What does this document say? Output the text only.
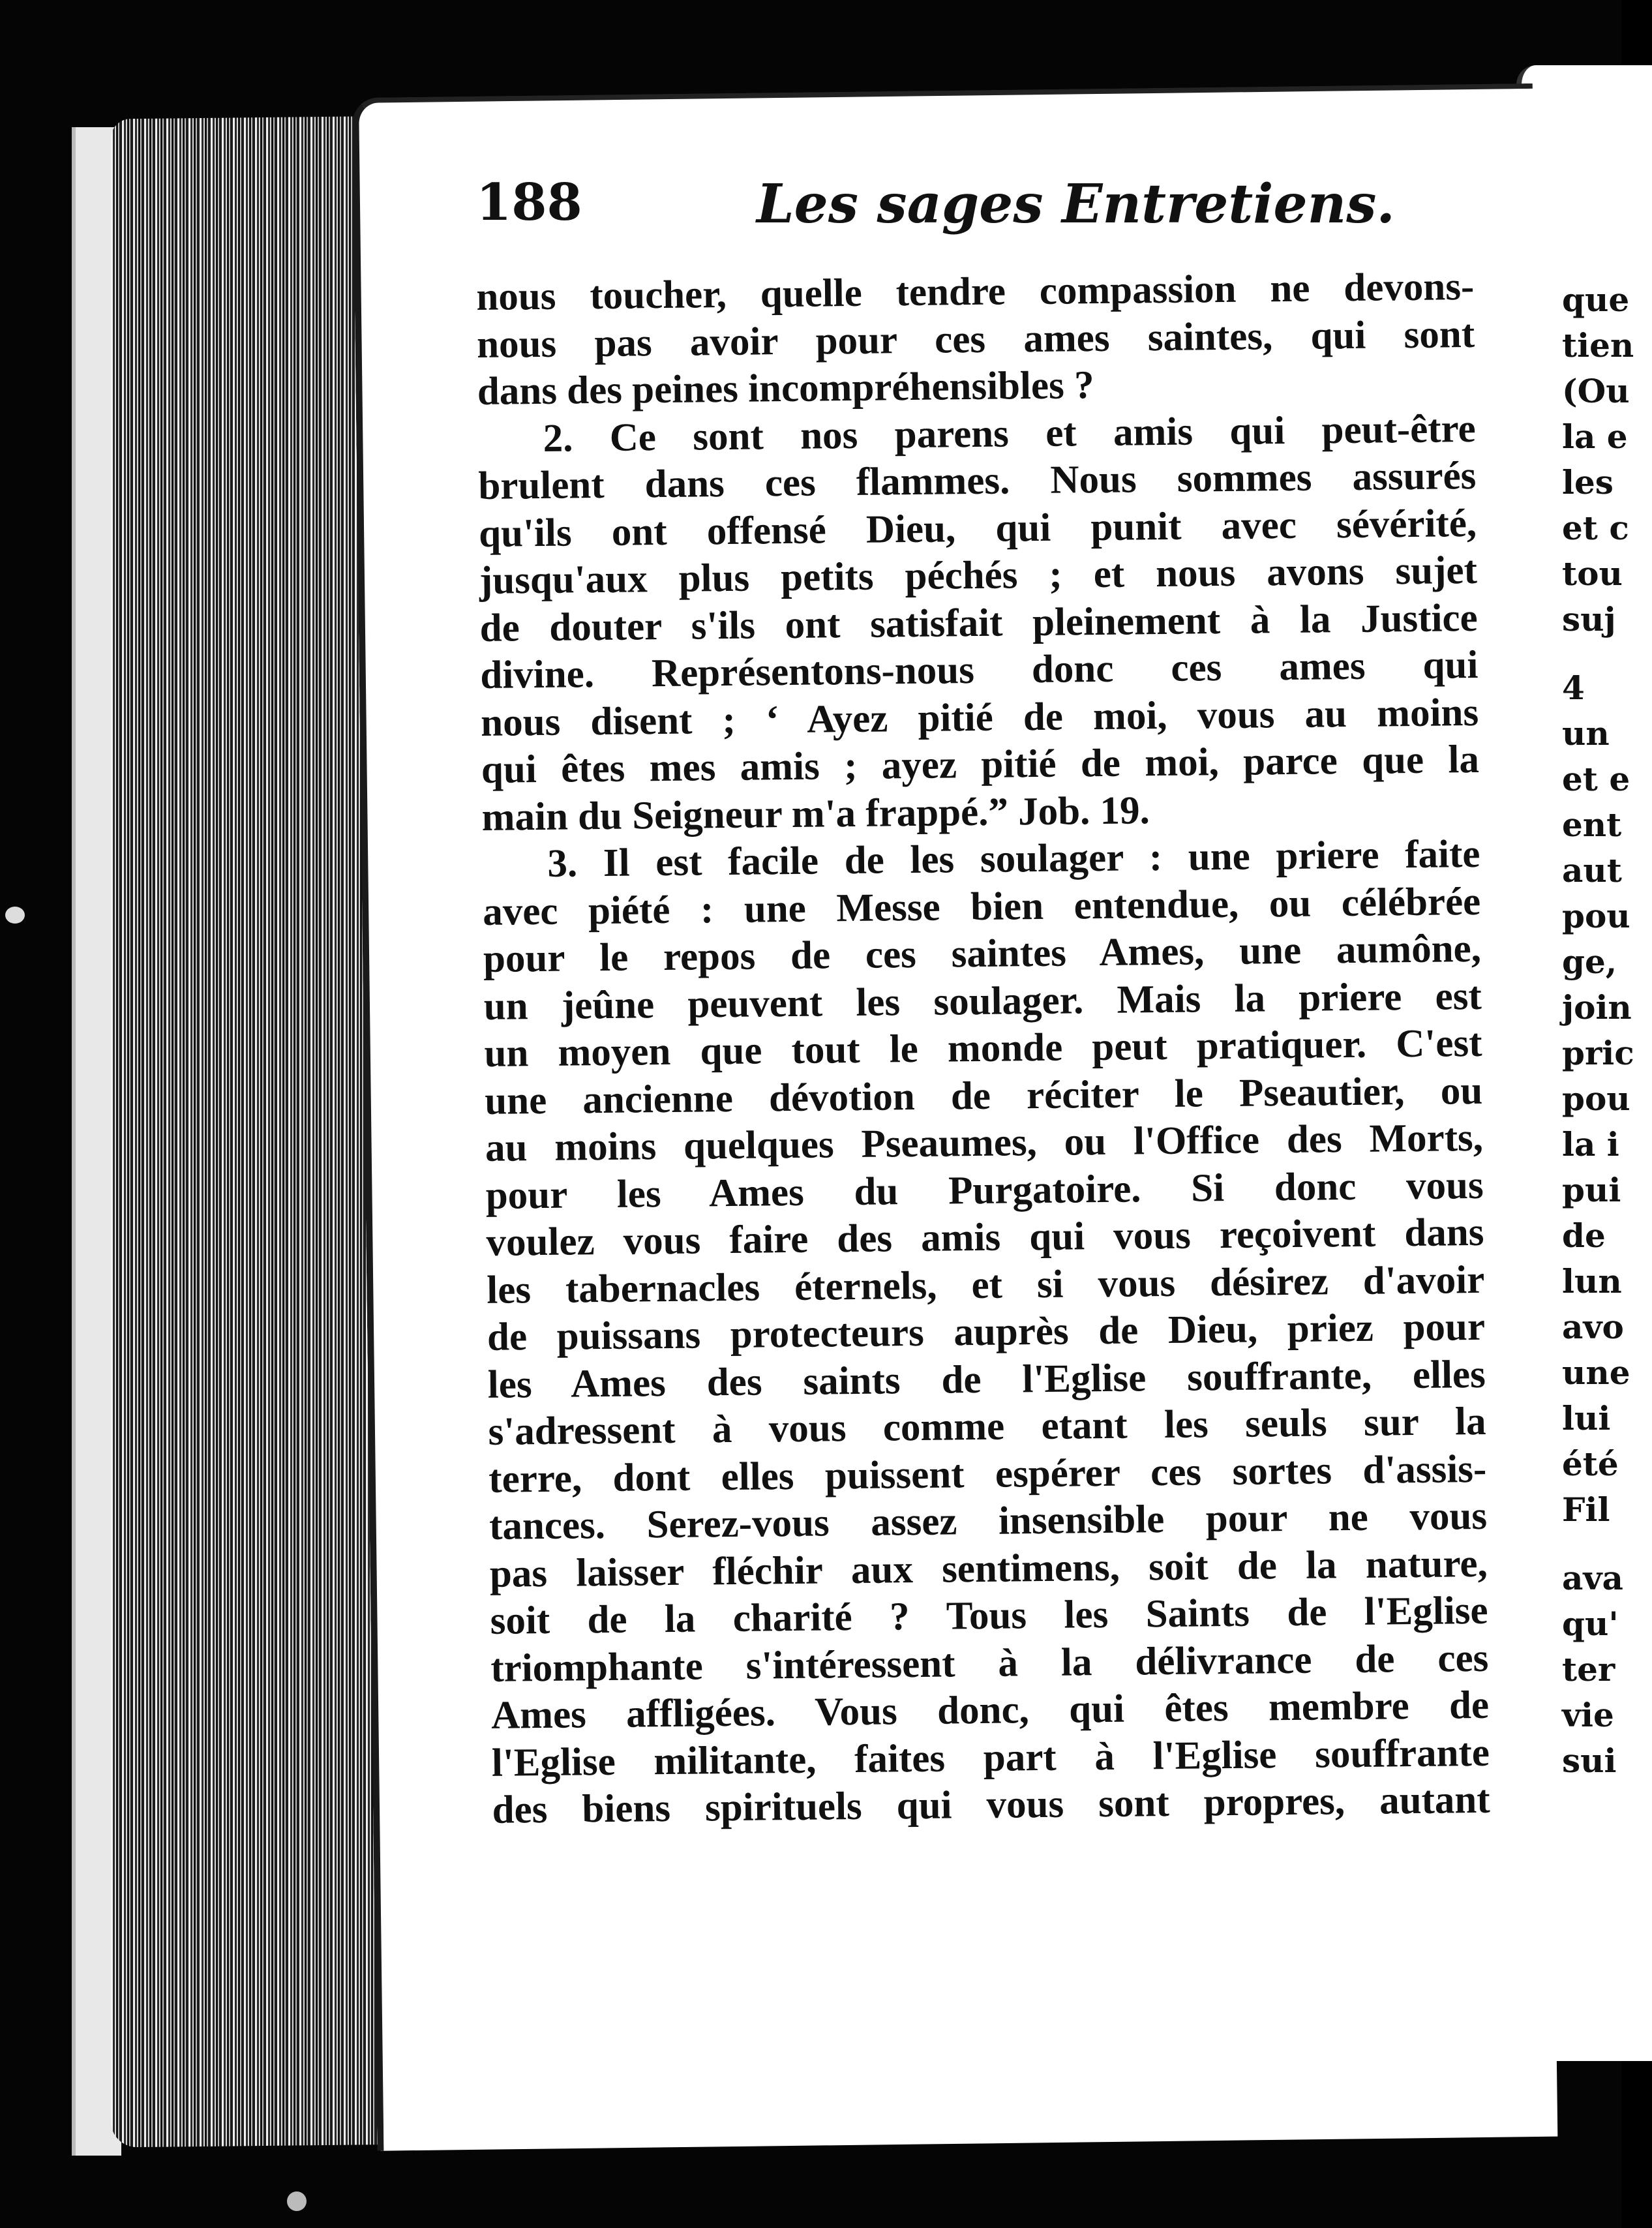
que
tien
(Ou
la e
les
et c
tou
suj
4
un
et e
ent
aut
pou
ge,
join
pric
pou
la i
pui
de
lun
avo
une
lui
été
Fil
ava
qu'
ter
vie
sui
188	Les sages Entretiens.
nous toucher, quelle tendre compassion ne devons-
nous pas avoir pour ces ames saintes, qui sont
dans des peines incompréhensibles ?
2. Ce sont nos parens et amis qui peut-être
brulent dans ces flammes. Nous sommes assurés
qu'ils ont offensé Dieu, qui punit avec sévérité,
jusqu'aux plus petits péchés ; et nous avons sujet
de douter s'ils ont satisfait pleinement à la Justice
divine. Représentons-nous donc ces ames qui
nous disent ; ‘ Ayez pitié de moi, vous au moins
qui êtes mes amis ; ayez pitié de moi, parce que la
main du Seigneur m'a frappé.” Job. 19.
3. Il est facile de les soulager : une priere faite
avec piété : une Messe bien entendue, ou célébrée
pour le repos de ces saintes Ames, une aumône,
un jeûne peuvent les soulager. Mais la priere est
un moyen que tout le monde peut pratiquer. C'est
une ancienne dévotion de réciter le Pseautier, ou
au moins quelques Pseaumes, ou l'Office des Morts,
pour les Ames du Purgatoire. Si donc vous
voulez vous faire des amis qui vous reçoivent dans
les tabernacles éternels, et si vous désirez d'avoir
de puissans protecteurs auprès de Dieu, priez pour
les Ames des saints de l'Eglise souffrante, elles
s'adressent à vous comme etant les seuls sur la
terre, dont elles puissent espérer ces sortes d'assis-
tances. Serez-vous assez insensible pour ne vous
pas laisser fléchir aux sentimens, soit de la nature,
soit de la charité ? Tous les Saints de l'Eglise
triomphante s'intéressent à la délivrance de ces
Ames affligées. Vous donc, qui êtes membre de
l'Eglise militante, faites part à l'Eglise souffrante
des biens spirituels qui vous sont propres, autant
